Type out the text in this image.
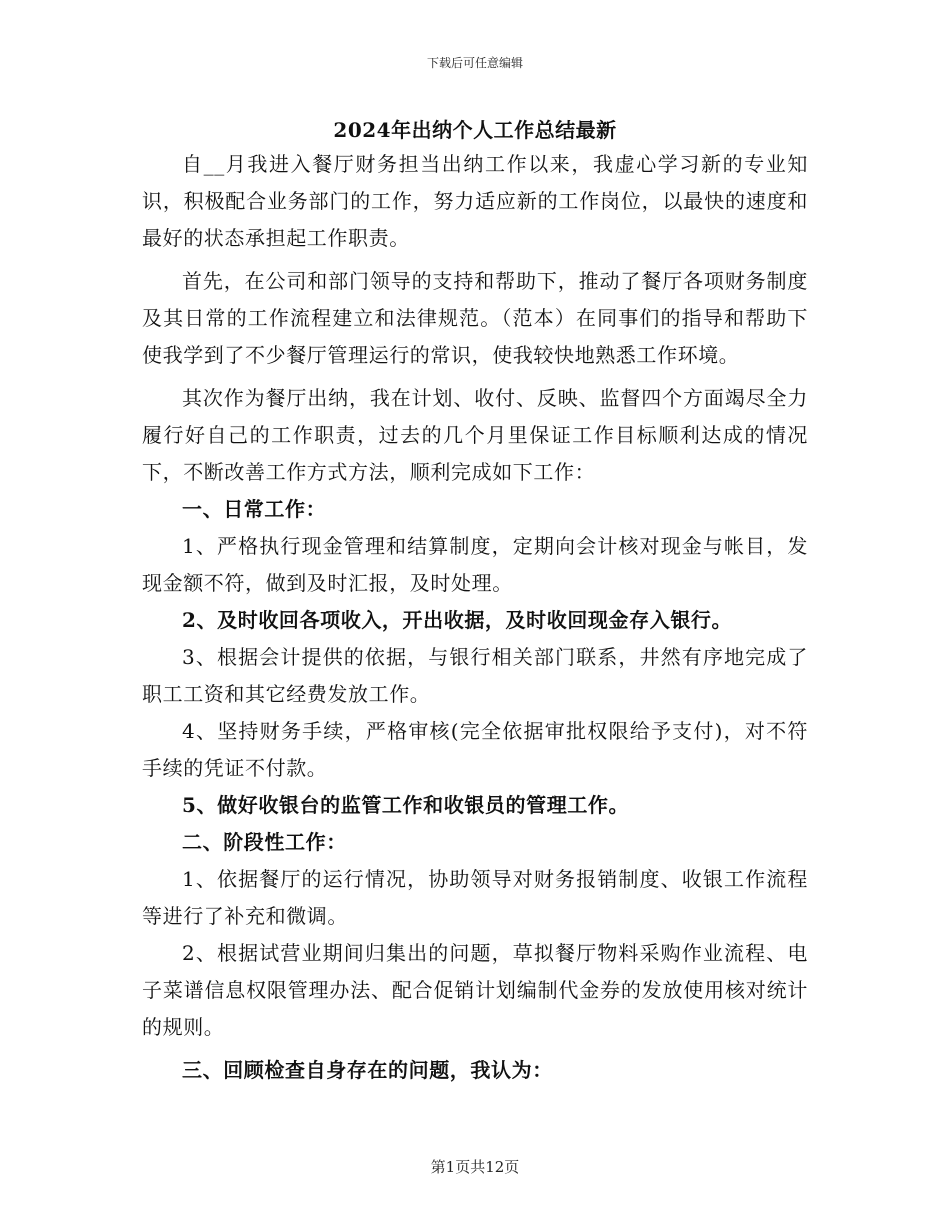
下载后可任意编辑
2024年出纳个人工作总结最新

自__月我进入餐厅财务担当出纳工作以来，我虚心学习新的专业知识，积极配合业务部门的工作，努力适应新的工作岗位，以最快的速度和最好的状态承担起工作职责。

首先，在公司和部门领导的支持和帮助下，推动了餐厅各项财务制度及其日常的工作流程建立和法律规范。（范本）在同事们的指导和帮助下使我学到了不少餐厅管理运行的常识，使我较快地熟悉工作环境。

其次作为餐厅出纳，我在计划、收付、反映、监督四个方面竭尽全力履行好自己的工作职责，过去的几个月里保证工作目标顺利达成的情况下，不断改善工作方式方法，顺利完成如下工作：

一、日常工作：

1、严格执行现金管理和结算制度，定期向会计核对现金与帐目，发现金额不符，做到及时汇报，及时处理。

2、及时收回各项收入，开出收据，及时收回现金存入银行。

3、根据会计提供的依据，与银行相关部门联系，井然有序地完成了职工工资和其它经费发放工作。

4、坚持财务手续，严格审核(完全依据审批权限给予支付)，对不符手续的凭证不付款。

5、做好收银台的监管工作和收银员的管理工作。

二、阶段性工作：

1、依据餐厅的运行情况，协助领导对财务报销制度、收银工作流程等进行了补充和微调。

2、根据试营业期间归集出的问题，草拟餐厅物料采购作业流程、电子菜谱信息权限管理办法、配合促销计划编制代金券的发放使用核对统计的规则。

三、回顾检查自身存在的问题，我认为：

第1页共12页
